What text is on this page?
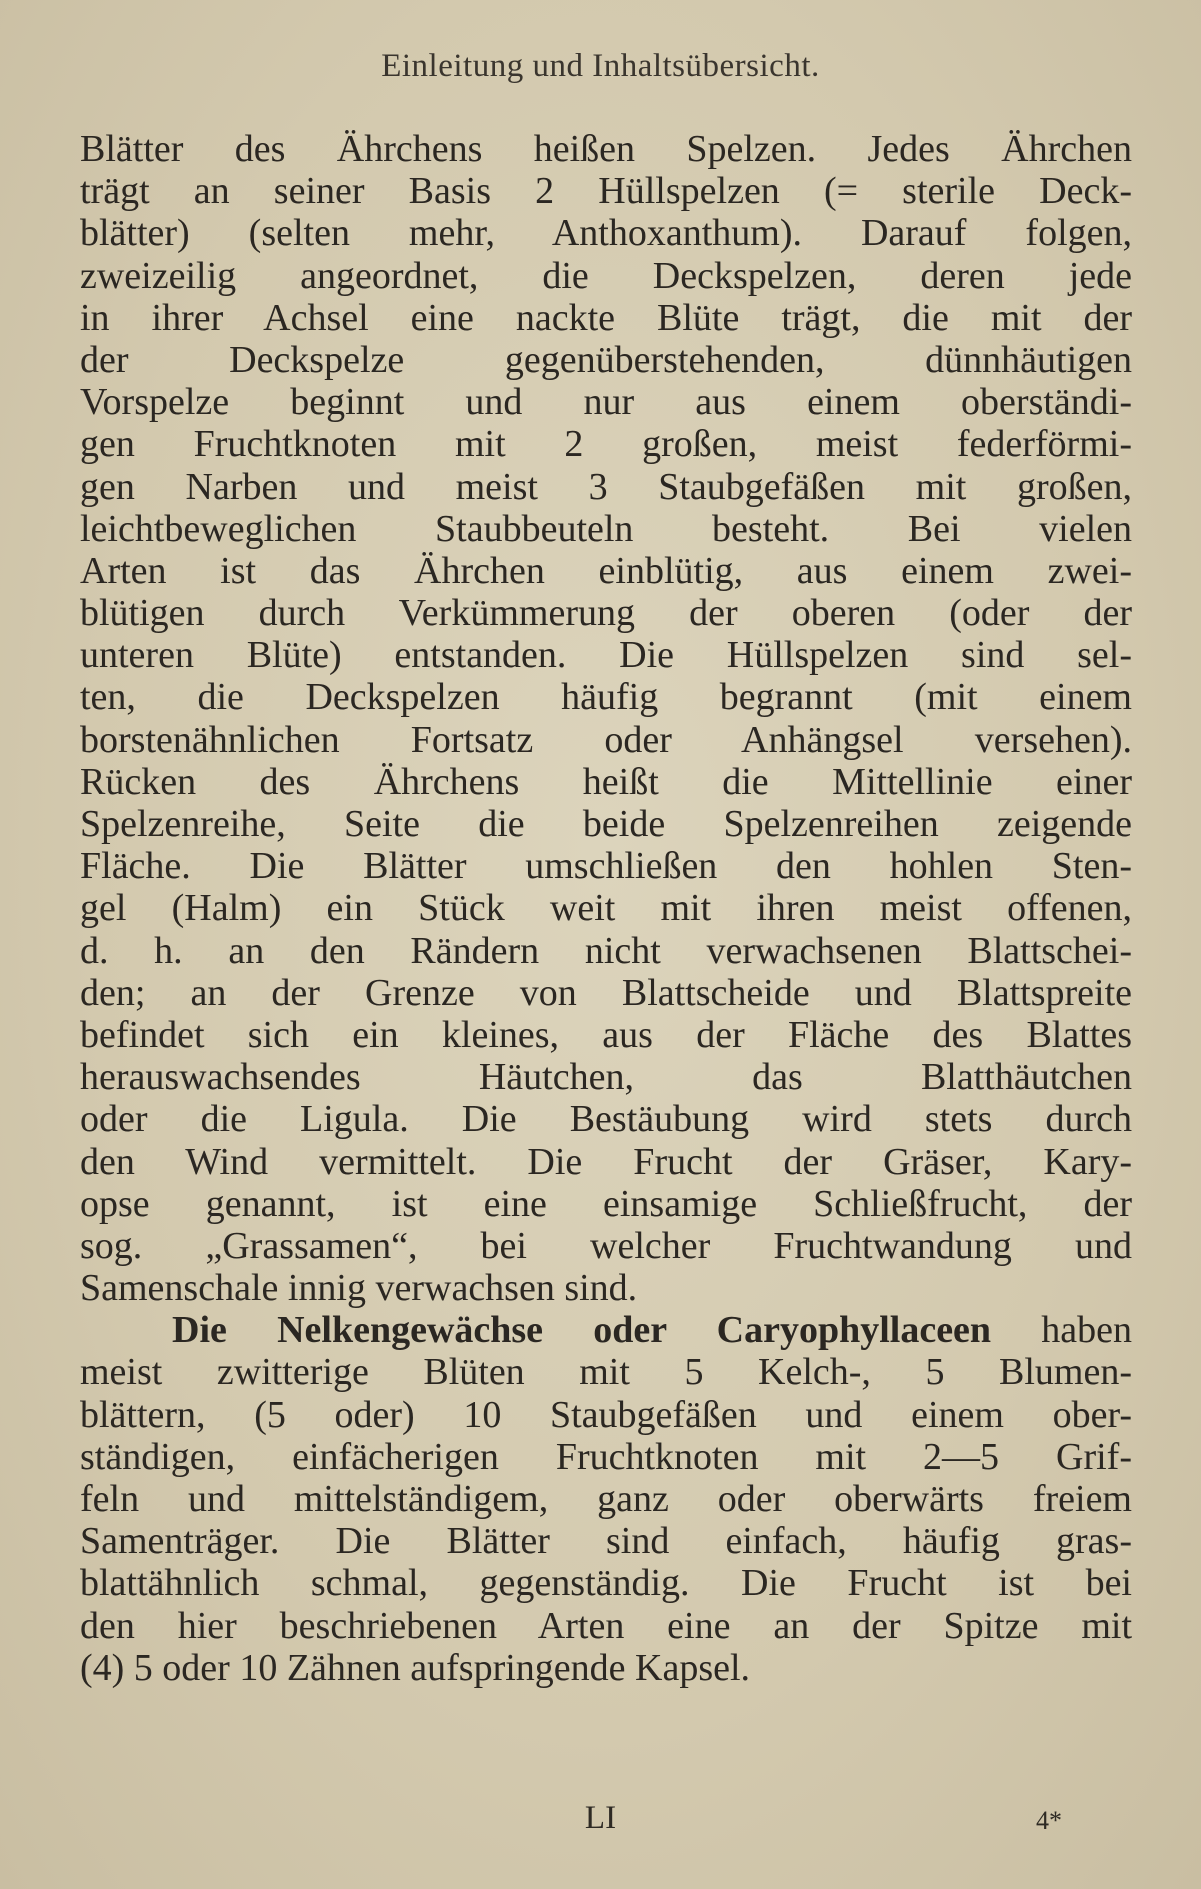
Einleitung und Inhaltsübersicht.
Blätter des Ährchens heißen Spelzen. Jedes Ährchen
trägt an seiner Basis 2 Hüllspelzen (= sterile Deck-
blätter) (selten mehr, Anthoxanthum). Darauf folgen,
zweizeilig angeordnet, die Deckspelzen, deren jede
in ihrer Achsel eine nackte Blüte trägt, die mit der
der Deckspelze gegenüberstehenden, dünnhäutigen
Vorspelze beginnt und nur aus einem oberständi-
gen Fruchtknoten mit 2 großen, meist federförmi-
gen Narben und meist 3 Staubgefäßen mit großen,
leichtbeweglichen Staubbeuteln besteht. Bei vielen
Arten ist das Ährchen einblütig, aus einem zwei-
blütigen durch Verkümmerung der oberen (oder der
unteren Blüte) entstanden. Die Hüllspelzen sind sel-
ten, die Deckspelzen häufig begrannt (mit einem
borstenähnlichen Fortsatz oder Anhängsel versehen).
Rücken des Ährchens heißt die Mittellinie einer
Spelzenreihe, Seite die beide Spelzenreihen zeigende
Fläche. Die Blätter umschließen den hohlen Sten-
gel (Halm) ein Stück weit mit ihren meist offenen,
d. h. an den Rändern nicht verwachsenen Blattschei-
den; an der Grenze von Blattscheide und Blattspreite
befindet sich ein kleines, aus der Fläche des Blattes
herauswachsendes Häutchen, das Blatthäutchen
oder die Ligula. Die Bestäubung wird stets durch
den Wind vermittelt. Die Frucht der Gräser, Kary-
opse genannt, ist eine einsamige Schließfrucht, der
sog. „Grassamen“, bei welcher Fruchtwandung und
Samenschale innig verwachsen sind.
Die Nelkengewächse oder Caryophyllaceen haben
meist zwitterige Blüten mit 5 Kelch-, 5 Blumen-
blättern, (5 oder) 10 Staubgefäßen und einem ober-
ständigen, einfächerigen Fruchtknoten mit 2—5 Grif-
feln und mittelständigem, ganz oder oberwärts freiem
Samenträger. Die Blätter sind einfach, häufig gras-
blattähnlich schmal, gegenständig. Die Frucht ist bei
den hier beschriebenen Arten eine an der Spitze mit
(4) 5 oder 10 Zähnen aufspringende Kapsel.
LI	4*
